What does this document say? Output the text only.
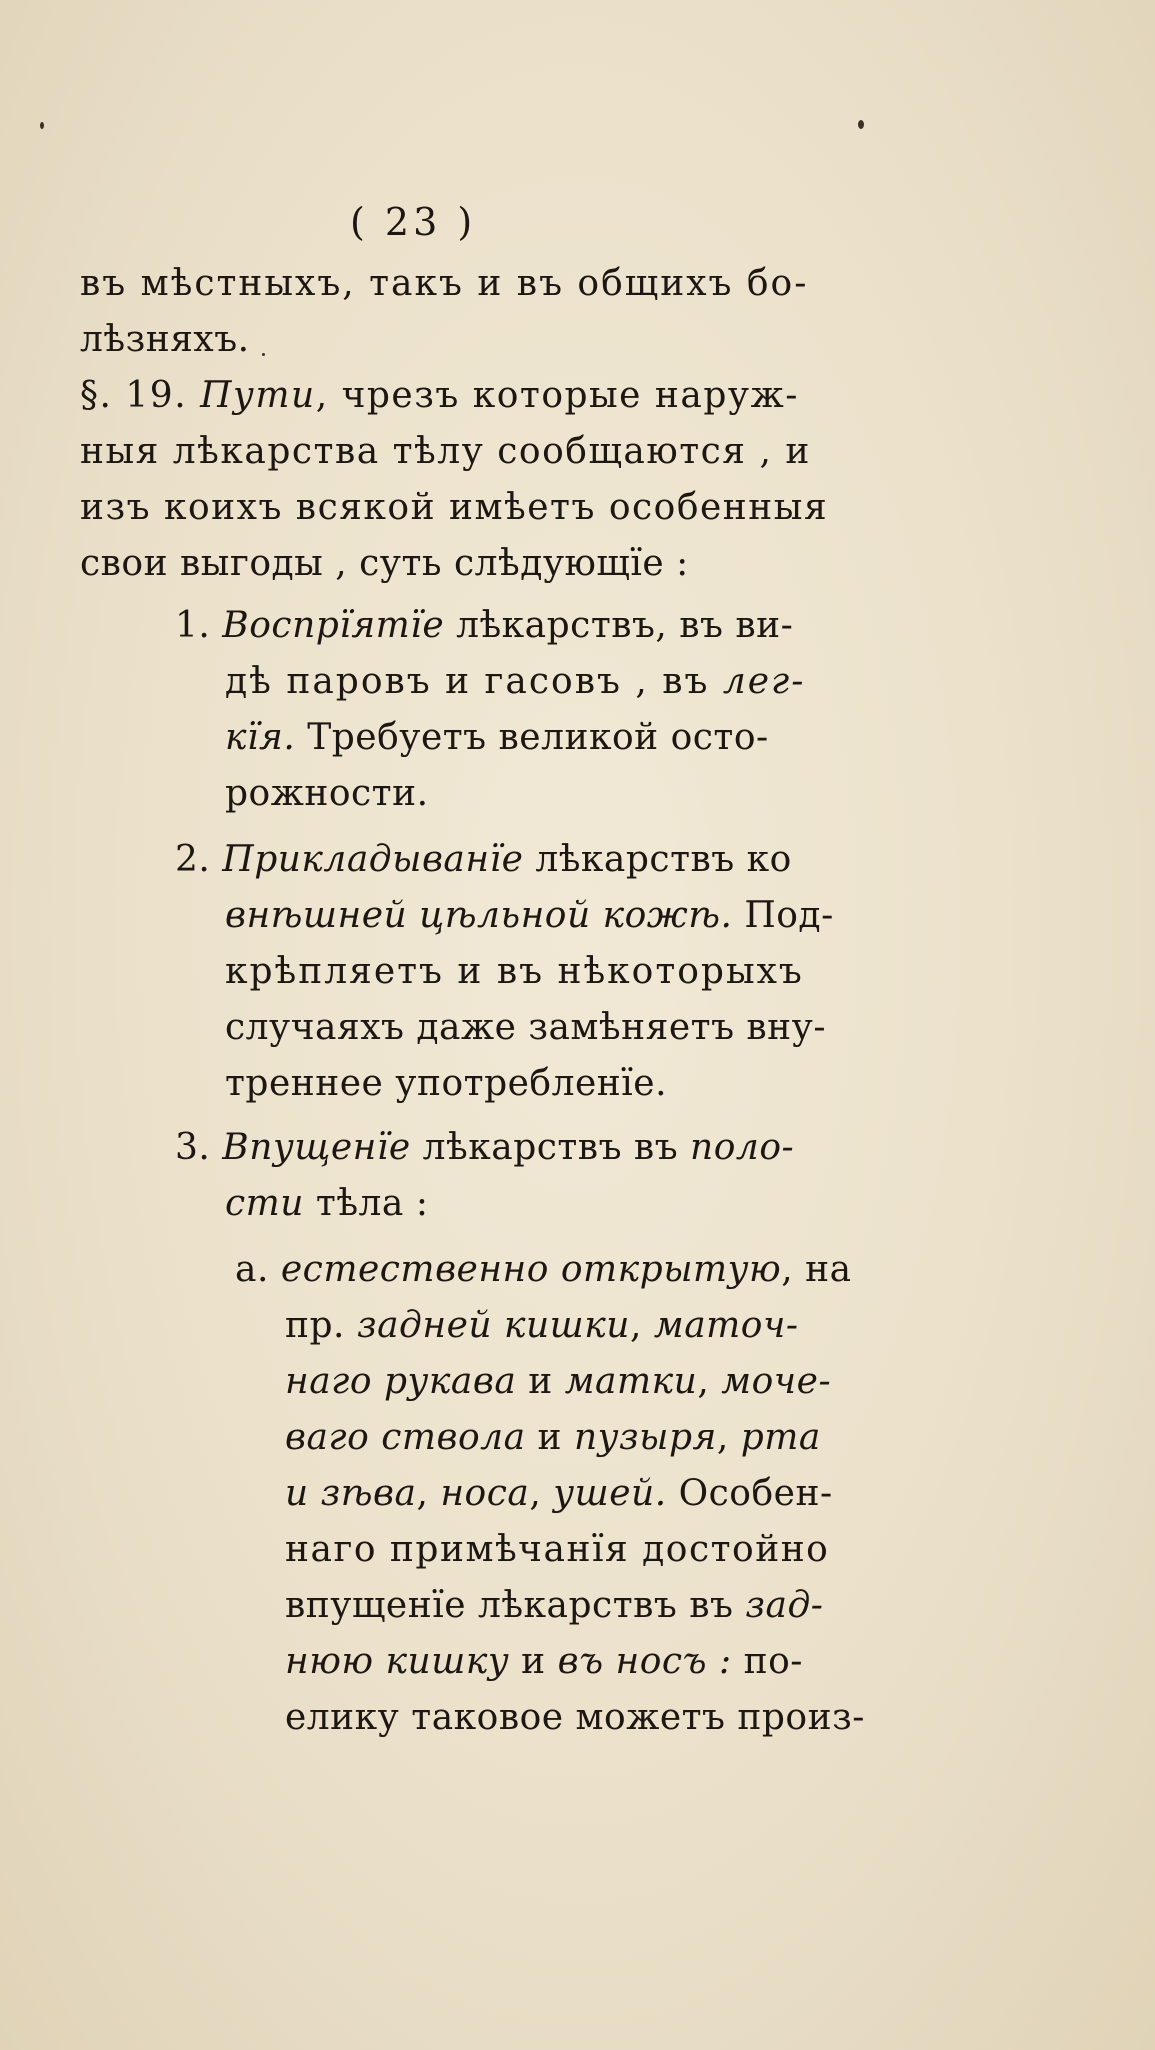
( 23 )
въ мѣстныхъ, такъ и въ общихъ бо-
лѣзняхъ.
§. 19. Пути, чрезъ которые наруж-
ныя лѣкарства тѣлу сообщаются , и
изъ коихъ всякой имѣетъ особенныя
свои выгоды , суть слѣдующїе :
1. Воспрїятїе лѣкарствъ, въ ви-
дѣ паровъ и гасовъ , въ лег-
кїя. Требуетъ великой осто-
рожности.
2. Прикладыванїе лѣкарствъ ко
внѣшней цѣльной кожѣ. Под-
крѣпляетъ и въ нѣкоторыхъ
случаяхъ даже замѣняетъ вну-
треннее употребленїе.
3. Впущенїе лѣкарствъ въ поло-
сти тѣла :
a. естественно открытую, на
пр. задней кишки, маточ-
наго рукава и матки, моче-
ваго ствола и пузыря, рта
и зѣва, носа, ушей. Особен-
наго примѣчанїя достойно
впущенїе лѣкарствъ въ зад-
нюю кишку и въ носъ : по-
елику таковое можетъ произ-
